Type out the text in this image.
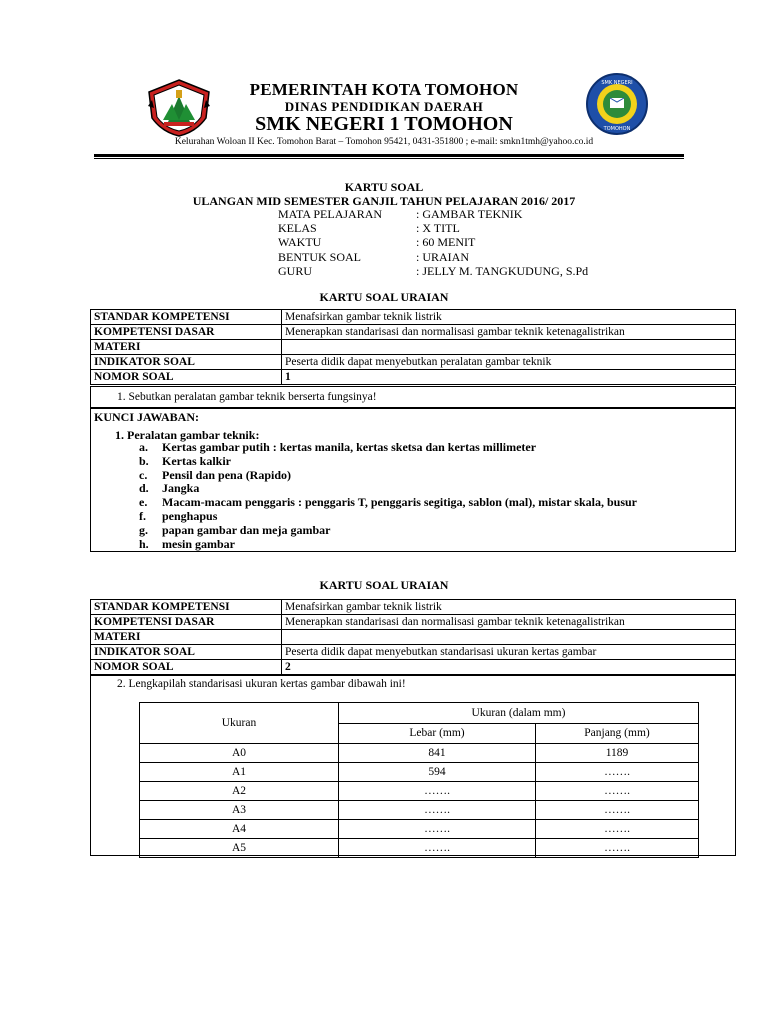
SMK NEGERI
TOMOHON
PEMERINTAH KOTA TOMOHON
DINAS PENDIDIKAN DAERAH
SMK NEGERI 1 TOMOHON
Kelurahan Woloan II Kec. Tomohon Barat – Tomohon 95421, 0431-351800 ; e-mail: smkn1tmh@yahoo.co.id
KARTU SOAL
ULANGAN MID SEMESTER GANJIL TAHUN PELAJARAN 2016/ 2017
MATA PELAJARAN	: GAMBAR TEKNIK
KELAS	: X TITL
WAKTU	: 60 MENIT
BENTUK SOAL	: URAIAN
GURU	: JELLY M. TANGKUDUNG, S.Pd
KARTU SOAL URAIAN
STANDAR KOMPETENSI	Menafsirkan gambar teknik listrik
KOMPETENSI DASAR	Menerapkan standarisasi dan normalisasi gambar teknik ketenagalistrikan
MATERI	
INDIKATOR SOAL	Peserta didik dapat menyebutkan peralatan gambar teknik
NOMOR SOAL	1
1. Sebutkan peralatan gambar teknik berserta fungsinya!
KUNCI JAWABAN:
1. Peralatan gambar teknik:
a.	Kertas gambar putih : kertas manila, kertas sketsa dan kertas millimeter
b.	Kertas kalkir
c.	Pensil dan pena (Rapido)
d.	Jangka
e.	Macam-macam penggaris : penggaris T, penggaris segitiga, sablon (mal), mistar skala, busur
f.	penghapus
g.	papan gambar dan meja gambar
h.	mesin gambar
KARTU SOAL URAIAN
STANDAR KOMPETENSI	Menafsirkan gambar teknik listrik
KOMPETENSI DASAR	Menerapkan standarisasi dan normalisasi gambar teknik ketenagalistrikan
MATERI	
INDIKATOR SOAL	Peserta didik dapat menyebutkan standarisasi ukuran kertas gambar
NOMOR SOAL	2
2. Lengkapilah standarisasi ukuran kertas gambar dibawah ini!
Ukuran	Ukuran (dalam mm)	
	Lebar (mm)	Panjang (mm)
A0	841	1189
A1	594	…….
A2	…….	…….
A3	…….	…….
A4	…….	…….
A5	…….	…….
